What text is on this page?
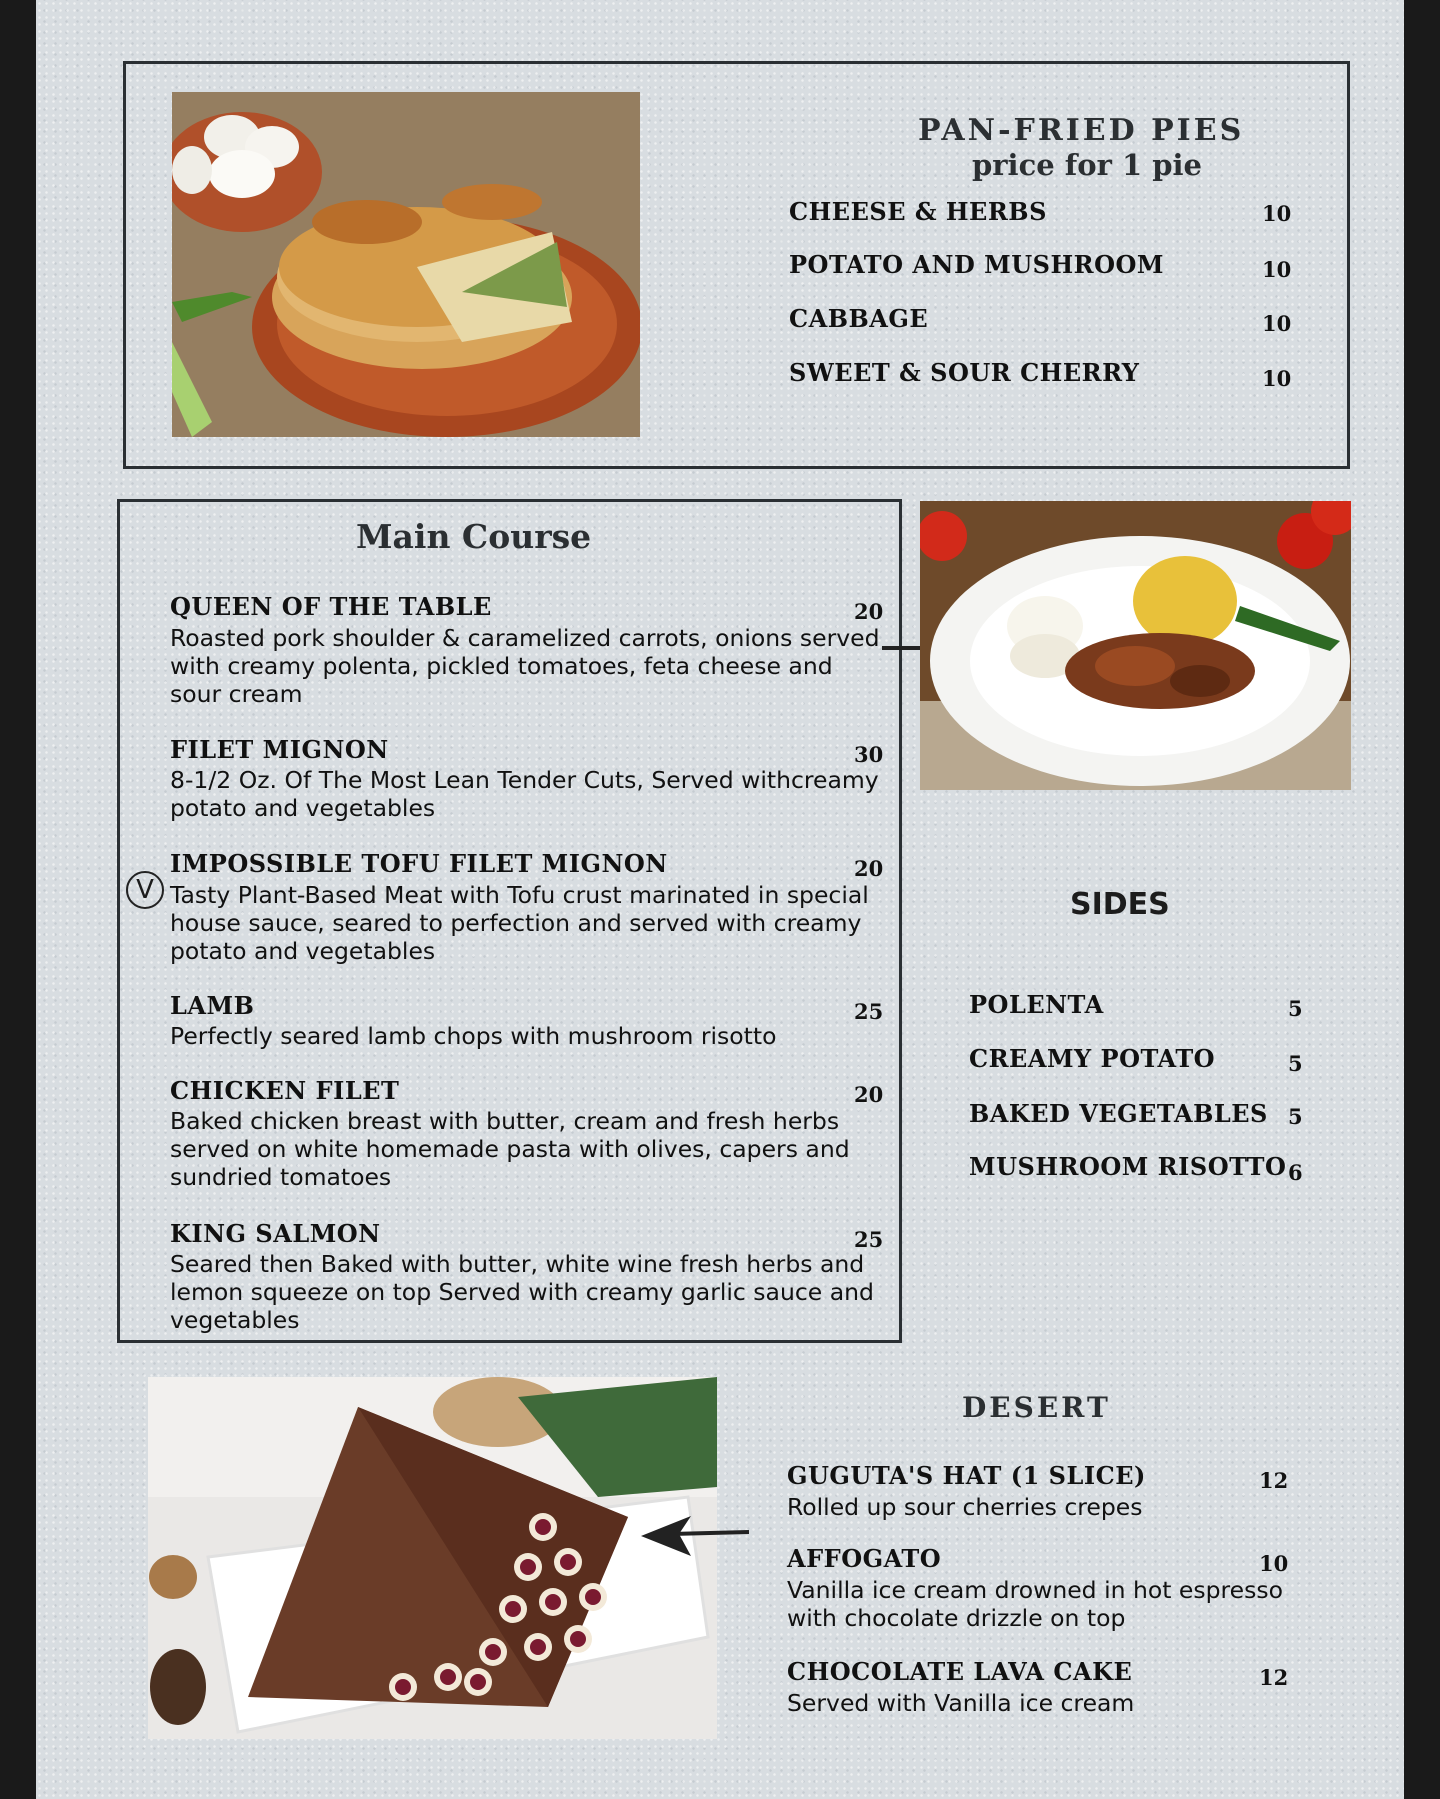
PAN-FRIED PIES
price for 1 pie
CHEESE & HERBS	10
POTATO AND MUSHROOM	10
CABBAGE	10
SWEET & SOUR CHERRY	10
Main Course
QUEEN OF THE TABLE	20
Roasted pork shoulder & caramelized carrots, onions served with creamy polenta, pickled tomatoes, feta cheese and sour cream
FILET MIGNON	30
8-1/2 Oz. Of The Most Lean Tender Cuts, Served withcreamy potato and vegetables
V
IMPOSSIBLE TOFU FILET MIGNON	20
Tasty Plant-Based Meat with Tofu crust marinated in special house sauce, seared to perfection and served with creamy potato and vegetables
LAMB	25
Perfectly seared lamb chops with mushroom risotto
CHICKEN FILET	20
Baked chicken breast with butter, cream and fresh herbs served on white homemade pasta with olives, capers and sundried tomatoes
KING SALMON	25
Seared then Baked with butter, white wine fresh herbs and lemon squeeze on top Served with creamy garlic sauce and vegetables
SIDES
POLENTA	5
CREAMY POTATO	5
BAKED VEGETABLES 5
MUSHROOM RISOTTO 6
DESERT
GUGUTA'S HAT (1 SLICE)	12
Rolled up sour cherries crepes
AFFOGATO	10
Vanilla ice cream drowned in hot espresso with chocolate drizzle on top
CHOCOLATE LAVA CAKE	12
Served with Vanilla ice cream
